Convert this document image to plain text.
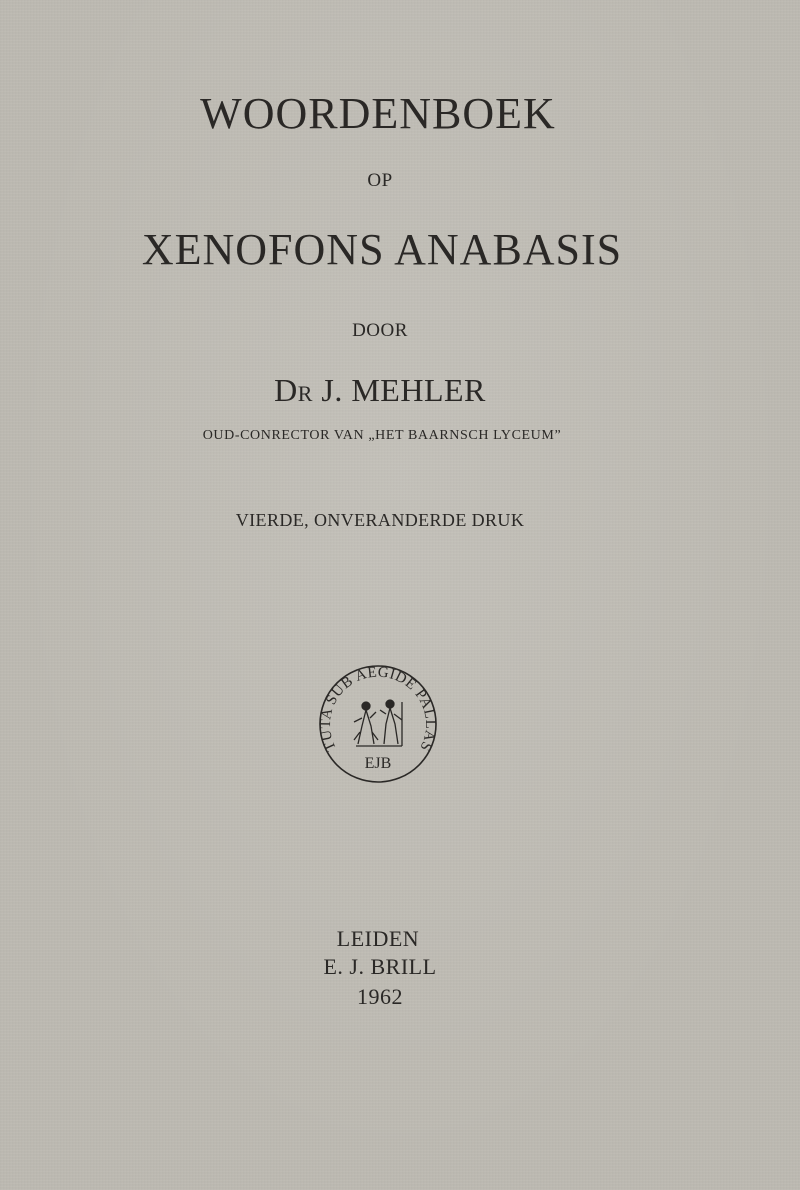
WOORDENBOEK
OP
XENOFONS ANABASIS
DOOR
DR J. MEHLER
OUD-CONRECTOR VAN „HET BAARNSCH LYCEUM”
VIERDE, ONVERANDERDE DRUK
TUTA SUB AEGIDE PALLAS
EJB
LEIDEN
E. J. BRILL
1962
